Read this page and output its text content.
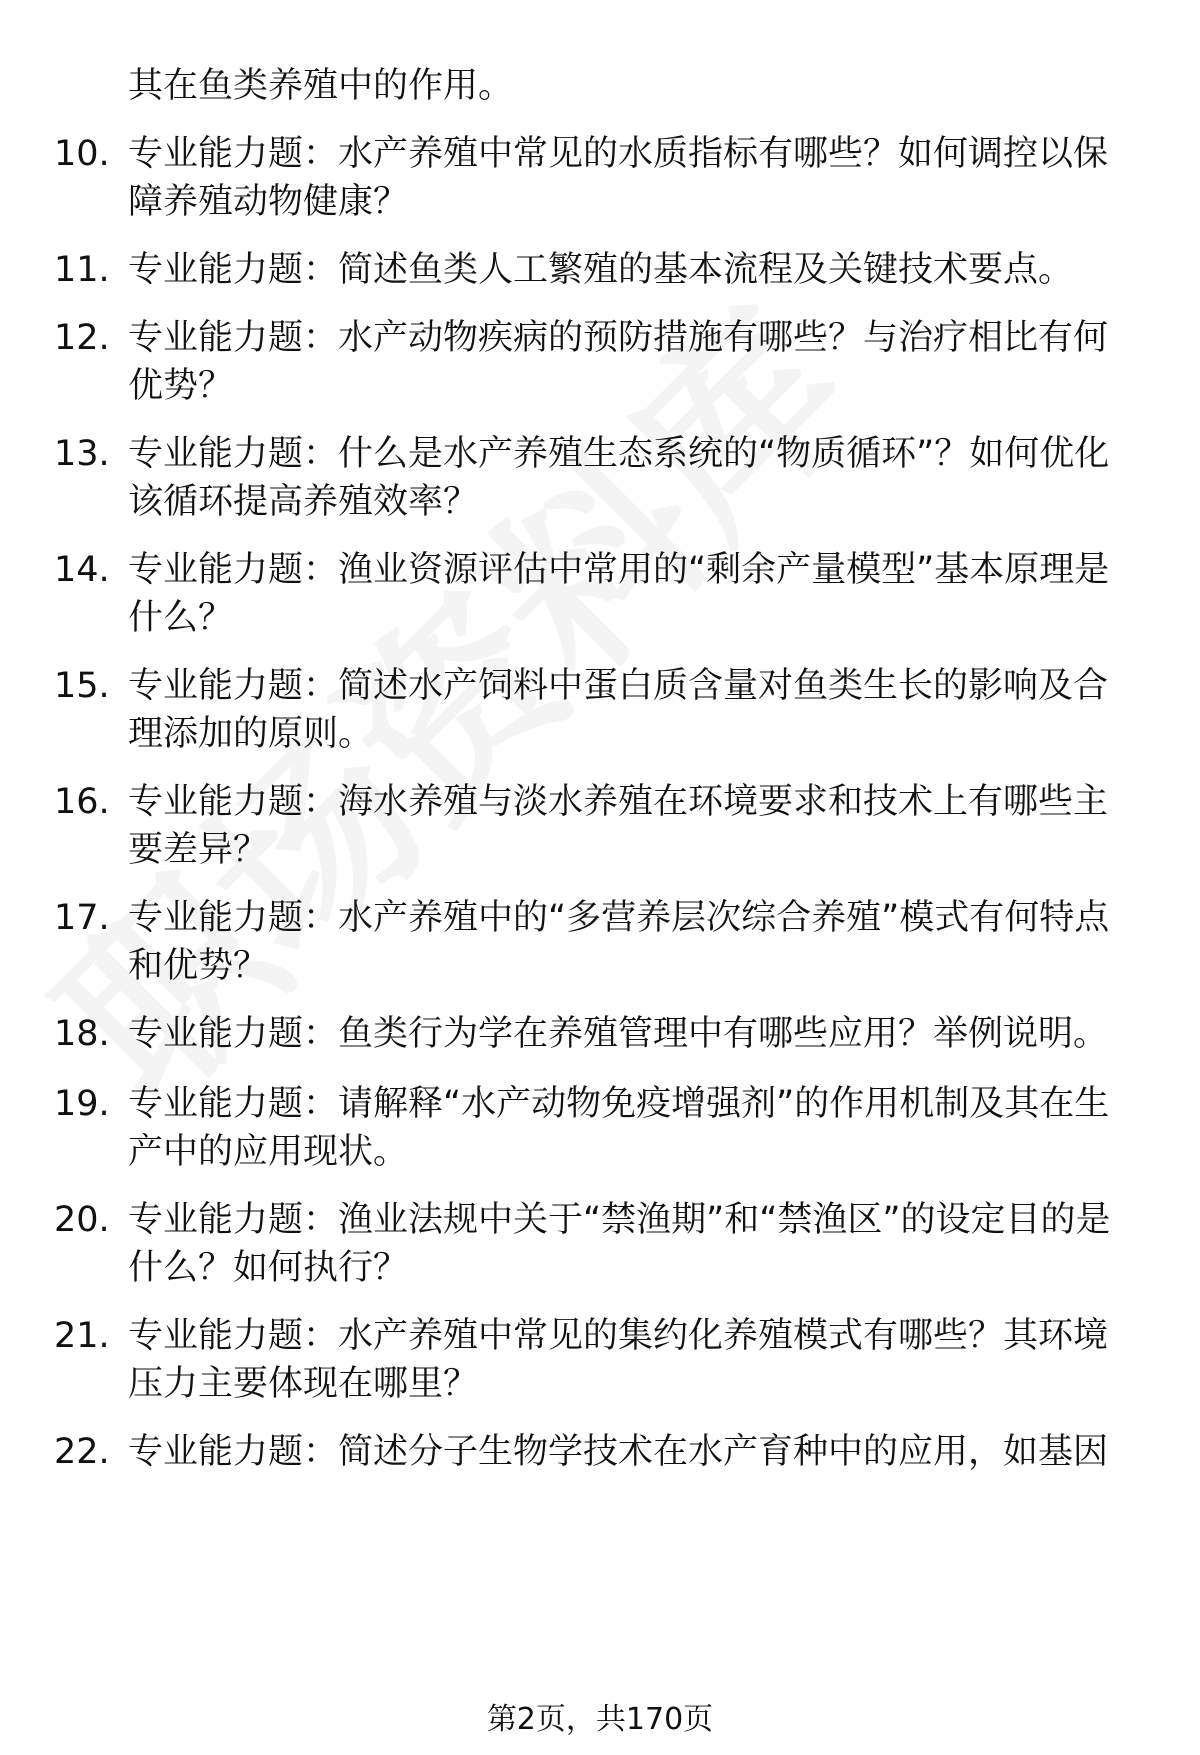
其在鱼类养殖中的作用。
10. 专业能力题：水产养殖中常见的水质指标有哪些？如何调控以保障养殖动物健康？
11. 专业能力题：简述鱼类人工繁殖的基本流程及关键技术要点。
12. 专业能力题：水产动物疾病的预防措施有哪些？与治疗相比有何优势？
13. 专业能力题：什么是水产养殖生态系统的“物质循环”？如何优化该循环提高养殖效率？
14. 专业能力题：渔业资源评估中常用的“剩余产量模型”基本原理是什么？
15. 专业能力题：简述水产饲料中蛋白质含量对鱼类生长的影响及合理添加的原则。
16. 专业能力题：海水养殖与淡水养殖在环境要求和技术上有哪些主要差异？
17. 专业能力题：水产养殖中的“多营养层次综合养殖”模式有何特点和优势？
18. 专业能力题：鱼类行为学在养殖管理中有哪些应用？举例说明。
19. 专业能力题：请解释“水产动物免疫增强剂”的作用机制及其在生产中的应用现状。
20. 专业能力题：渔业法规中关于“禁渔期”和“禁渔区”的设定目的是什么？如何执行？
21. 专业能力题：水产养殖中常见的集约化养殖模式有哪些？其环境压力主要体现在哪里？
22. 专业能力题：简述分子生物学技术在水产育种中的应用，如基因
第2页，共170页
